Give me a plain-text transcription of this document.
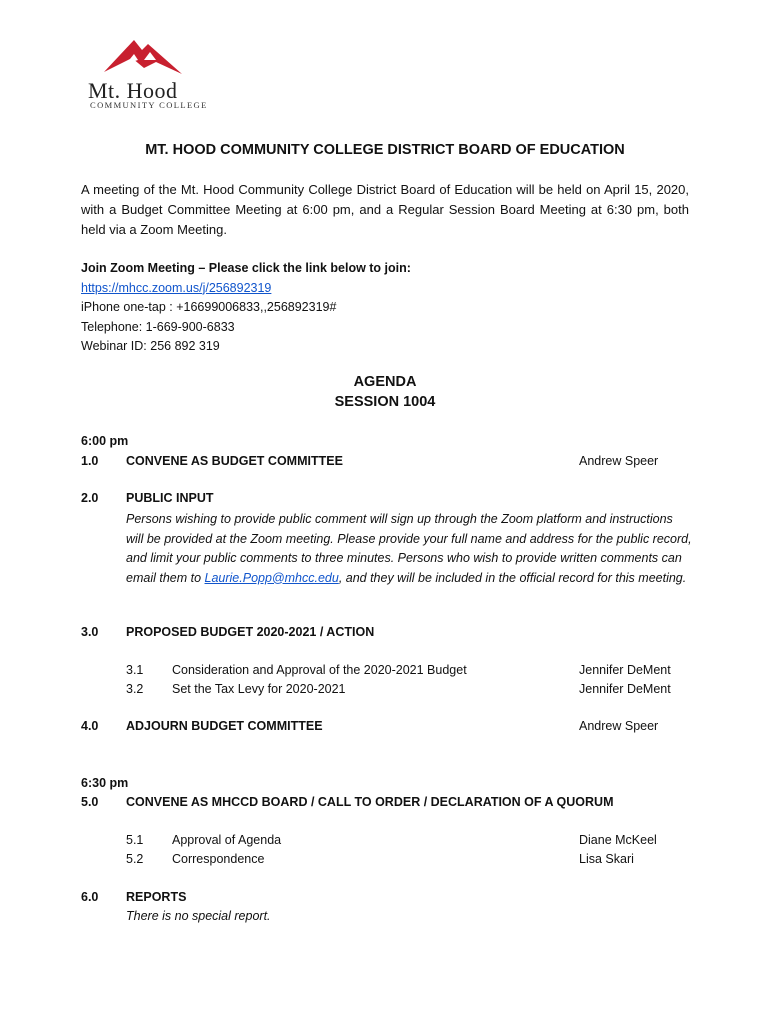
Mt. Hood
COMMUNITY COLLEGE
MT. HOOD COMMUNITY COLLEGE DISTRICT BOARD OF EDUCATION
A meeting of the Mt. Hood Community College District Board of Education will be held on April 15, 2020, with a Budget Committee Meeting at 6:00 pm, and a Regular Session Board Meeting at 6:30 pm, both held via a Zoom Meeting.
Join Zoom Meeting – Please click the link below to join:
https://mhcc.zoom.us/j/256892319
iPhone one-tap : +16699006833,,256892319#
Telephone: 1-669-900-6833
Webinar ID: 256 892 319
AGENDA
SESSION 1004
6:00 pm
1.0 CONVENE AS BUDGET COMMITTEE	Andrew Speer
2.0 PUBLIC INPUT
Persons wishing to provide public comment will sign up through the Zoom platform and instructions will be provided at the Zoom meeting. Please provide your full name and address for the public record, and limit your public comments to three minutes. Persons who wish to provide written comments can email them to Laurie.Popp@mhcc.edu, and they will be included in the official record for this meeting.
3.0 PROPOSED BUDGET 2020-2021 / ACTION
3.1 Consideration and Approval of the 2020-2021 Budget	Jennifer DeMent
3.2 Set the Tax Levy for 2020-2021	Jennifer DeMent
4.0 ADJOURN BUDGET COMMITTEE	Andrew Speer
6:30 pm
5.0 CONVENE AS MHCCD BOARD / CALL TO ORDER / DECLARATION OF A QUORUM
5.1 Approval of Agenda	Diane McKeel
5.2 Correspondence	Lisa Skari
6.0 REPORTS
There is no special report.
